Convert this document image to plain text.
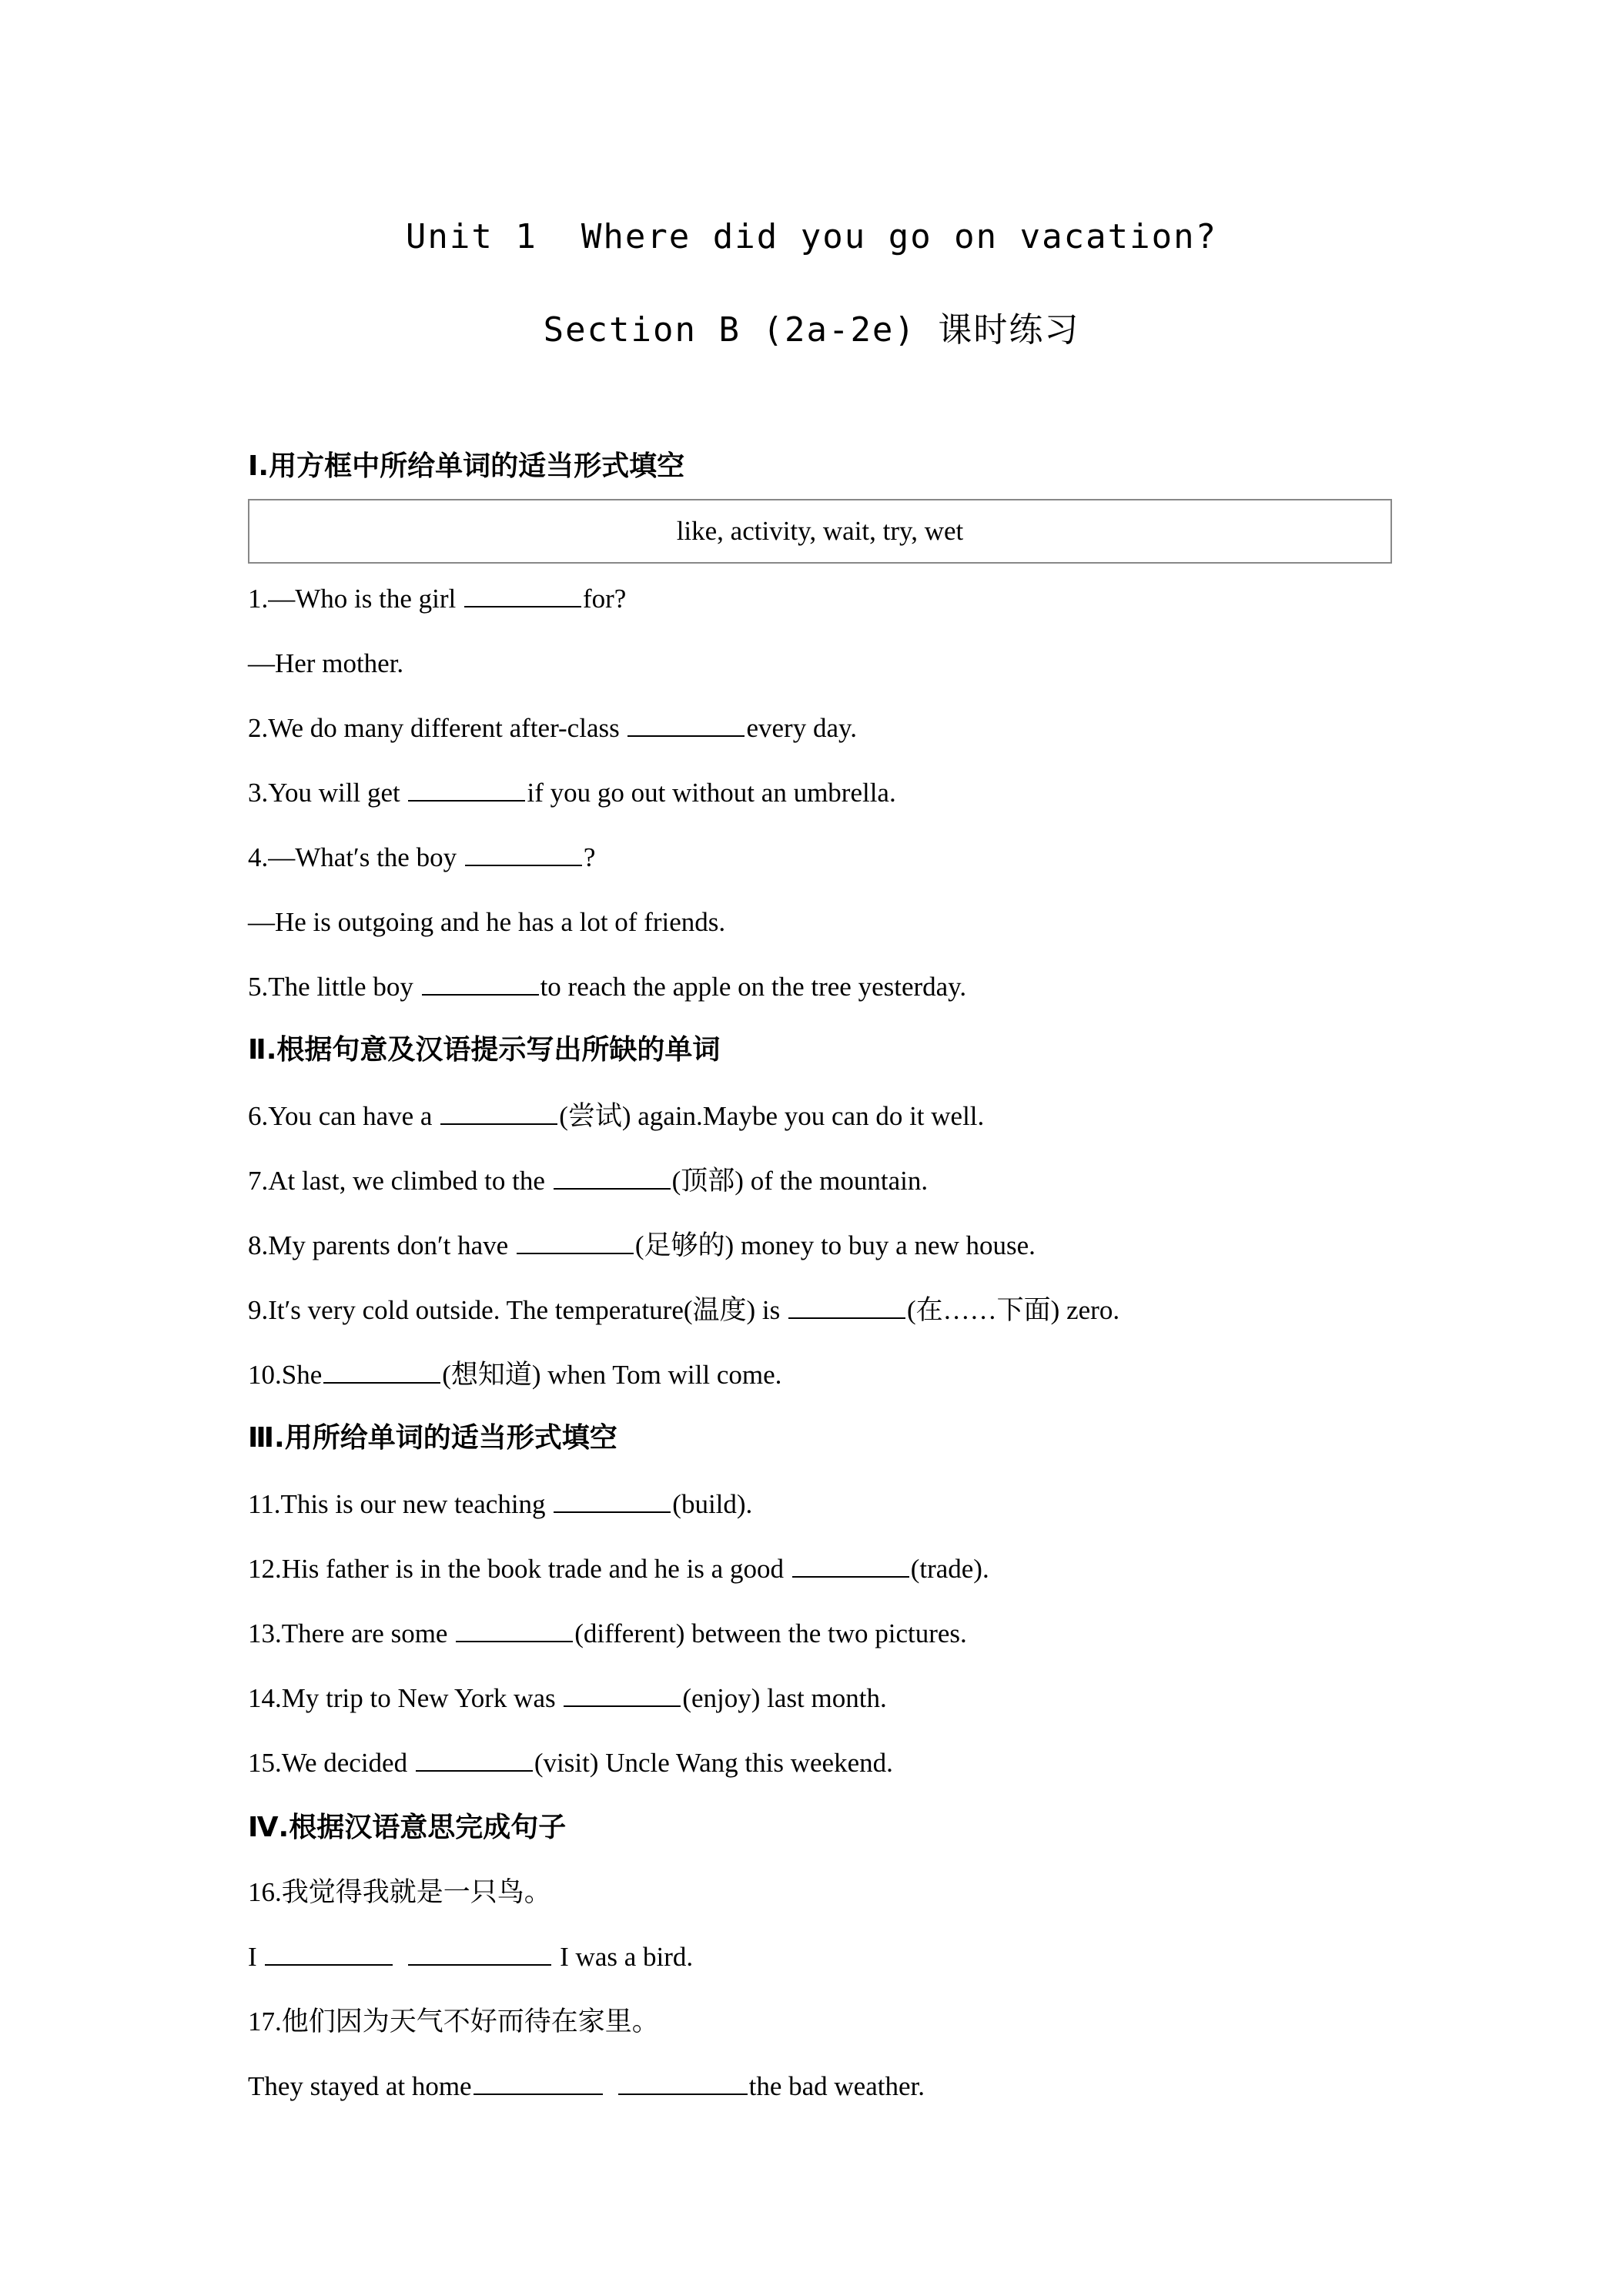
Unit 1  Where did you go on vacation?
Section B (2a-2e) 课时练习
Ⅰ.用方框中所给单词的适当形式填空
like, activity, wait, try, wet
1.—Who is the girl	for?
—Her mother.
2.We do many different after-class	every day.
3.You will get	if you go out without an umbrella.
4.—What′s the boy	?
—He is outgoing and he has a lot of friends.
5.The little boy	to reach the apple on the tree yesterday.
Ⅱ.根据句意及汉语提示写出所缺的单词
6.You can have a	(尝试) again.Maybe you can do it well.
7.At last, we climbed to the	(顶部) of the mountain.
8.My parents don′t have	(足够的) money to buy a new house.
9.It′s very cold outside. The temperature(温度) is	(在……下面) zero.
10.She	(想知道) when Tom will come.
Ⅲ.用所给单词的适当形式填空
11.This is our new teaching	(build).
12.His father is in the book trade and he is a good	(trade).
13.There are some	(different) between the two pictures.
14.My trip to New York was	(enjoy) last month.
15.We decided	(visit) Uncle Wang this weekend.
Ⅳ.根据汉语意思完成句子
16.我觉得我就是一只鸟。
I	I was a bird.
17.他们因为天气不好而待在家里。
They stayed at home	the bad weather.
